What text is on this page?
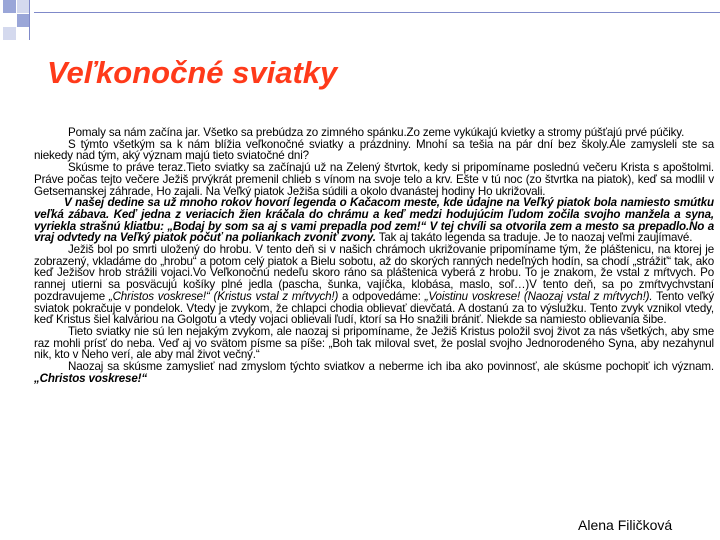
Veľkonočné sviatky

Pomaly sa nám začína jar. Všetko sa prebúdza zo zimného spánku.Zo zeme vykúkajú kvietky a stromy púšťajú prvé púčiky.

S týmto všetkým sa k nám blížia veľkonočné sviatky a prázdniny. Mnohí sa tešia na pár dní bez školy.Ale zamysleli ste sa niekedy nad tým, aký význam majú tieto sviatočné dni?

Skúsme to práve teraz.Tieto sviatky sa začínajú už na Zelený štvrtok, kedy si pripomíname poslednú večeru Krista s apoštolmi. Práve počas tejto večere Ježiš prvýkrát premenil chlieb s vínom na svoje telo a krv. Ešte v tú noc (zo štvrtka na piatok), keď sa modlil v Getsemanskej záhrade, Ho zajali. Na Veľký piatok Ježiša súdili a okolo dvanástej hodiny Ho ukrižovali.

V našej dedine sa už mnoho rokov hovorí legenda o Kačacom meste, kde údajne na Veľký piatok bola namiesto smútku veľká zábava. Keď jedna z veriacich žien kráčala do chrámu a keď medzi hodujúcim ľudom zočila svojho manžela a syna, vyriekla strašnú kliatbu: „Bodaj by som sa aj s vami prepadla pod zem!“ V tej chvíli sa otvorila zem a mesto sa prepadlo.No a vraj odvtedy na Veľký piatok počuť na poliankach zvoniť zvony. Tak aj takáto legenda sa traduje. Je to naozaj veľmi zaujímavé.

Ježiš bol po smrti uložený do hrobu. V tento deň si v našich chrámoch ukrižovanie pripomíname tým, že pláštenicu, na ktorej je zobrazený, vkladáme do „hrobu“ a potom celý piatok a Bielu sobotu, až do skorých ranných nedeľných hodín, sa chodí „strážiť“ tak, ako keď Ježišov hrob strážili vojaci.Vo Veľkonočnú nedeľu skoro ráno sa pláštenica vyberá z hrobu. To je znakom, že vstal z mŕtvych. Po rannej utierni sa posväcujú košíky plné jedla (pascha, šunka, vajíčka, klobása, maslo, soľ…)V tento deň, sa po zmŕtvychvstaní pozdravujeme „Christos voskrese!“ (Kristus vstal z mŕtvych!) a odpovedáme: „Voistinu voskrese! (Naozaj vstal z mŕtvych!). Tento veľký sviatok pokračuje v pondelok. Vtedy je zvykom, že chlapci chodia oblievať dievčatá. A dostanú za to výslužku. Tento zvyk vznikol vtedy, keď Kristus šiel kalváriou na Golgotu a vtedy vojaci oblievali ľudí, ktorí sa Ho snažili brániť. Niekde sa namiesto oblievania šibe.

Tieto sviatky nie sú len nejakým zvykom, ale naozaj si pripomíname, že Ježiš Kristus položil svoj život za nás všetkých, aby sme raz mohli prísť do neba. Veď aj vo svätom písme sa píše: „Boh tak miloval svet, že poslal svojho Jednorodeného Syna, aby nezahynul nik, kto v Neho verí, ale aby mal život večný.“

Naozaj sa skúsme zamyslieť nad zmyslom týchto sviatkov a neberme ich iba ako povinnosť, ale skúsme pochopiť ich význam. „Christos voskrese!“

Alena Filičková
